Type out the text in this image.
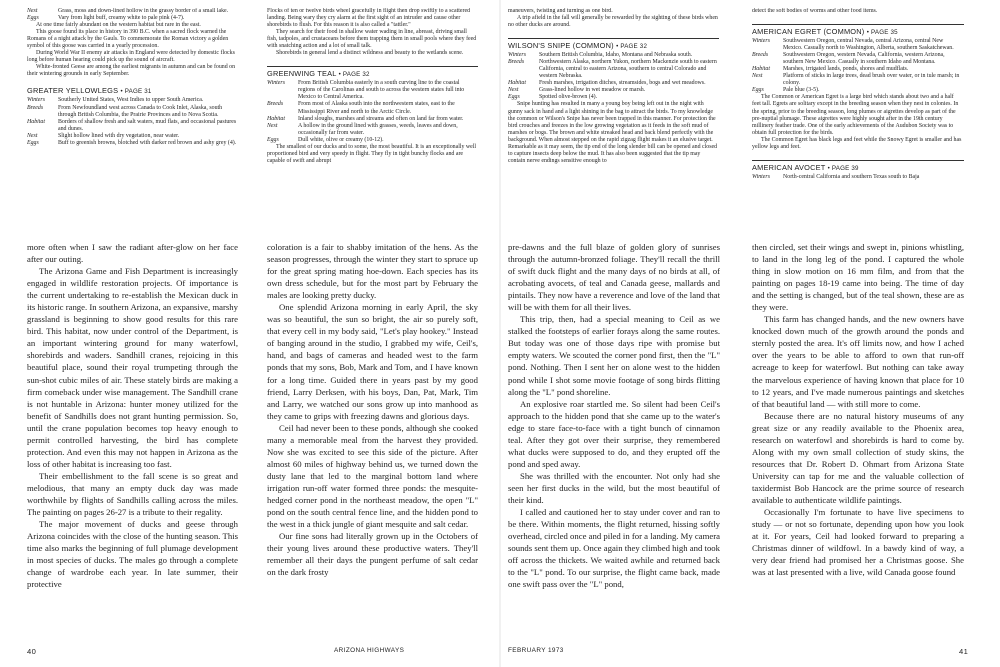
Nest	Grass, moss and down-lined hollow in the grassy border of a small lake.
Eggs	Vary from light buff, creamy white to pale pink (4-7).
At one time fairly abundant on the western habitat but rare in the east.
This goose found its place in history in 390 B.C. when a sacred flock warned the Romans of a night attack by the Gauls. To commemorate the Roman victory a golden symbol of this goose was carried in a yearly procession.
During World War II enemy air attacks in England were detected by domestic flocks long before human hearing could pick up the sound of aircraft.
White-fronted Geese are among the earliest migrants in autumn and can be found on their wintering grounds in early September.
GREATER YELLOWLEGS • PAGE 31
Winters	Southerly United States, West Indies to upper South America.
Breeds	From Newfoundland west across Canada to Cook Inlet, Alaska, south through British Columbia, the Prairie Provinces and to Nova Scotia.
Habitat	Borders of shallow fresh and salt waters, mud flats, and occasional pastures and dunes.
Nest	Slight hollow lined with dry vegetation, near water.
Eggs	Buff to greenish browns, blotched with darker red brown and ashy grey (4).
Flocks of ten or twelve birds wheel gracefully in flight then drop swiftly to a scattered landing. Being wary they cry alarm at the first sight of an intruder and cause other shorebirds to flush. For this reason it is also called a "tattler."
They search for their food in shallow water wading in line, abreast, driving small fish, tadpoles, and crustaceans before them trapping them in small pools where they feed with snatching action and a lot of small talk.
Shorebirds in general lend a distinct wildness and beauty to the wetlands scene.
GREENWING TEAL • PAGE 32
Winters	From British Columbia easterly in a south curving line to the coastal regions of the Carolinas and south to across the western states full into Mexico to Central America.
Breeds	From most of Alaska south into the northwestern states, east to the Mississippi River and north to the Arctic Circle.
Habitat	Inland sloughs, marshes and streams and often on land far from water.
Nest	A hollow in the ground lined with grasses, weeds, leaves and down, occasionally far from water.
Eggs	Dull white, olive or creamy (10-12).
The smallest of our ducks and to some, the most beautiful. It is an exceptionally well proportioned bird and very speedy in flight. They fly in tight bunchy flocks and are capable of swift and abrupt
maneuvers, twisting and turning as one bird.
A trip afield in the fall will generally be rewarded by the sighting of these birds when no other ducks are around.
WILSON'S SNIPE (COMMON) • PAGE 32
Winters	Southern British Columbia, Idaho, Montana and Nebraska south.
Breeds	Northwestern Alaska, northern Yukon, northern Mackenzie south to eastern California, central to eastern Arizona, southern to central Colorado and western Nebraska.
Habitat	Fresh marshes, irrigation ditches, streamsides, bogs and wet meadows.
Nest	Grass-lined hollow in wet meadow or marsh.
Eggs	Spotted olive-brown (4).
Snipe hunting has resulted in many a young boy being left out in the night with gunny sack in hand and a light shining in the bag to attract the birds. To my knowledge the common or Wilson's Snipe has never been trapped in this manner. For protection the bird crouches and freezes in the low growing vegetation as it feeds in the soft mud of marshes or bogs. The brown and white streaked head and back blend perfectly with the background. When almost stepped on the rapid zigzag flight makes it an elusive target. Remarkable as it may seem, the tip end of the long slender bill can be opened and closed to capture insects deep below the mud. It has also been suggested that the tip may contain nerve endings sensitive enough to
detect the soft bodies of worms and other food items.
AMERICAN EGRET (COMMON) • PAGE 35
Winters	Southwestern Oregon, central Nevada, central Arizona, central New Mexico. Casually north to Washington, Alberta, southern Saskatchewan.
Breeds	Southwestern Oregon, western Nevada, California, western Arizona, southern New Mexico. Casually in southern Idaho and Montana.
Habitat	Marshes, irrigated lands, ponds, shores and mudflats.
Nest	Platform of sticks in large trees, dead brush over water, or in tule marsh; in colony.
Eggs	Pale blue (3-5).
The Common or American Egret is a large bird which stands about two and a half feet tall. Egrets are solitary except in the breeding season when they nest in colonies. In the spring, prior to the breeding season, long plumes or aigrettes develop as part of the pre-nuptial plumage. These aigrettes were highly sought after in the 19th century millinery feather trade. One of the early achievements of the Audubon Society was to obtain full protection for the birds.
The Common Egret has black legs and feet while the Snowy Egret is smaller and has yellow legs and feet.
AMERICAN AVOCET • PAGE 39
Winters	North-central California and southern Texas south to Baja

more often when I saw the radiant after-glow on her face after our outing.

The Arizona Game and Fish Department is increasingly engaged in wildlife restoration projects. Of importance is the current undertaking to re-establish the Mexican duck in its historic range. In southern Arizona, an expansive, marshy grassland is beginning to show good results for this rare bird. This habitat, now under control of the Department, is an important wintering ground for many waterfowl, shorebirds and waders. Sandhill cranes, rejoicing in this beautiful place, sound their royal trumpeting through the sun-shot cubic miles of air. These stately birds are making a firm comeback under wise management. The Sandhill crane is not huntable in Arizona: hunter money utilized for the benefit of Sandhills does not grant hunting permission. So, until the crane population becomes top heavy enough to permit controlled harvesting, the bird has complete protection. And even this may not happen in Arizona as the loss of other habitat is increasing too fast.

Their embellishment to the fall scene is so great and melodious, that many an empty duck day was made worthwhile by flights of Sandhills calling across the miles. The painting on pages 26-27 is a tribute to their regality.

The major movement of ducks and geese through Arizona coincides with the close of the hunting season. This time also marks the beginning of full plumage development in most species of ducks. The males go through a complete change of wardrobe each year. In late summer, their protective

coloration is a fair to shabby imitation of the hens. As the season progresses, through the winter they start to spruce up for the great spring mating hoe-down. Each species has its own dress schedule, but for the most part by February the males are looking pretty ducky.

One splendid Arizona morning in early April, the sky was so beautiful, the sun so bright, the air so purely soft, that every cell in my body said, "Let's play hookey." Instead of banging around in the studio, I grabbed my wife, Ceil's, hand, and bags of cameras and headed west to the farm ponds that my sons, Bob, Mark and Tom, and I have known for a long time. Guided there in years past by my good friend, Larry Derksen, with his boys, Dan, Pat, Mark, Tim and Larry, we watched our sons grow up into manhood as they came to grips with freezing dawns and glorious days.

Ceil had never been to these ponds, although she cooked many a memorable meal from the harvest they provided. Now she was excited to see this side of the picture. After almost 60 miles of highway behind us, we turned down the dusty lane that led to the marginal bottom land where irrigation run-off water formed three ponds: the mesquite-hedged corner pond in the northeast meadow, the open "L" pond on the south central fence line, and the hidden pond to the west in a thick jungle of giant mesquite and salt cedar.

Our fine sons had literally grown up in the Octobers of their young lives around these productive waters. They'll remember all their days the pungent perfume of salt cedar on the dark frosty

pre-dawns and the full blaze of golden glory of sunrises through the autumn-bronzed foliage. They'll recall the thrill of swift duck flight and the many days of no birds at all, of acrobating avocets, of teal and Canada geese, mallards and pintails. They now have a reverence and love of the land that will be with them for all their lives.

This trip, then, had a special meaning to Ceil as we stalked the footsteps of earlier forays along the same routes. But today was one of those days ripe with promise but empty waters. We scouted the corner pond first, then the "L" pond. Nothing. Then I sent her on alone west to the hidden pond while I shot some movie footage of song birds flitting along the "L" pond shoreline.

An explosive roar startled me. So silent had been Ceil's approach to the hidden pond that she came up to the water's edge to stare face-to-face with a tight bunch of cinnamon teal. After they got over their surprise, they remembered what ducks were supposed to do, and they erupted off the pond and sped away.

She was thrilled with the encounter. Not only had she seen her first ducks in the wild, but the most beautiful of their kind.

I called and cautioned her to stay under cover and ran to be there. Within moments, the flight returned, hissing softly overhead, circled once and piled in for a landing. My camera sounds sent them up. Once again they climbed high and took off across the thickets. We waited awhile and returned back to the "L" pond. To our surprise, the flight came back, made one swift pass over the "L" pond,

then circled, set their wings and swept in, pinions whistling, to land in the long leg of the pond. I captured the whole thing in slow motion on 16 mm film, and from that the painting on pages 18-19 came into being. The time of day and the setting is changed, but of the teal shown, these are as they were.

This farm has changed hands, and the new owners have knocked down much of the growth around the ponds and sternly posted the area. It's off limits now, and how I ached over the years to be able to afford to own that run-off acreage to keep for waterfowl. But nothing can take away the marvelous experience of having known that place for 10 to 12 years, and I've made numerous paintings and sketches of that beautiful land — with still more to come.

Because there are no natural history museums of any great size or any readily available to the Phoenix area, research on waterfowl and shorebirds is hard to come by. Along with my own small collection of study skins, the resources that Dr. Robert D. Ohmart from Arizona State University can tap for me and the valuable collection of taxidermist Bob Hancock are the prime source of research available to authenticate wildlife paintings.

Occasionally I'm fortunate to have live specimens to study — or not so fortunate, depending upon how you look at it. For years, Ceil had looked forward to preparing a Christmas dinner of wildfowl. In a bawdy kind of way, a very dear friend had promised her a Christmas goose. She was at last presented with a live, wild Canada goose found

40	ARIZONA HIGHWAYS	FEBRUARY 1973	41
